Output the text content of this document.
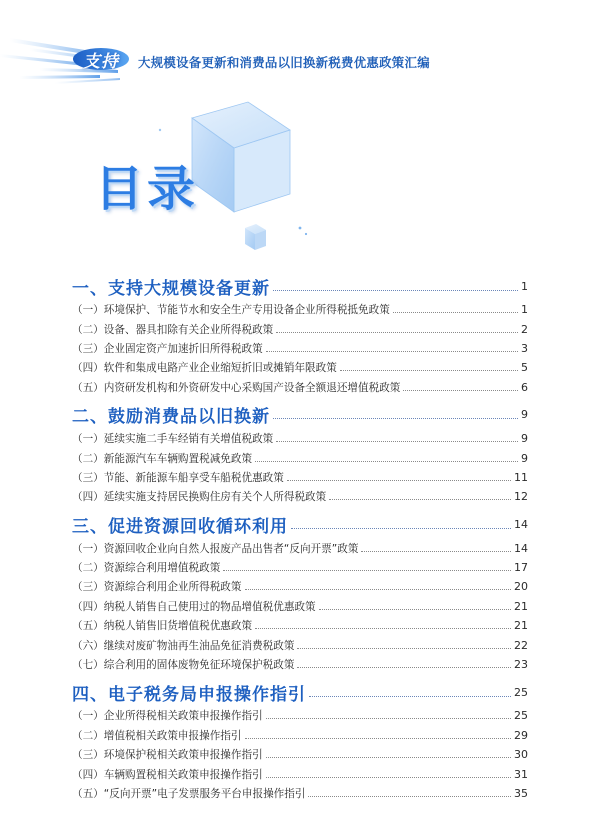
支持 大规模设备更新和消费品以旧换新税费优惠政策汇编
目录
一、支持大规模设备更新	1
（一）环境保护、节能节水和安全生产专用设备企业所得税抵免政策	1
（二）设备、器具扣除有关企业所得税政策	2
（三）企业固定资产加速折旧所得税政策	3
（四）软件和集成电路产业企业缩短折旧或摊销年限政策	5
（五）内资研发机构和外资研发中心采购国产设备全额退还增值税政策	6
二、鼓励消费品以旧换新	9
（一）延续实施二手车经销有关增值税政策	9
（二）新能源汽车车辆购置税减免政策	9
（三）节能、新能源车船享受车船税优惠政策	11
（四）延续实施支持居民换购住房有关个人所得税政策	12
三、促进资源回收循环利用	14
（一）资源回收企业向自然人报废产品出售者“反向开票”政策	14
（二）资源综合利用增值税政策	17
（三）资源综合利用企业所得税政策	20
（四）纳税人销售自己使用过的物品增值税优惠政策	21
（五）纳税人销售旧货增值税优惠政策	21
（六）继续对废矿物油再生油品免征消费税政策	22
（七）综合利用的固体废物免征环境保护税政策	23
四、电子税务局申报操作指引	25
（一）企业所得税相关政策申报操作指引	25
（二）增值税相关政策申报操作指引	29
（三）环境保护税相关政策申报操作指引	30
（四）车辆购置税相关政策申报操作指引	31
（五）“反向开票”电子发票服务平台申报操作指引	35
